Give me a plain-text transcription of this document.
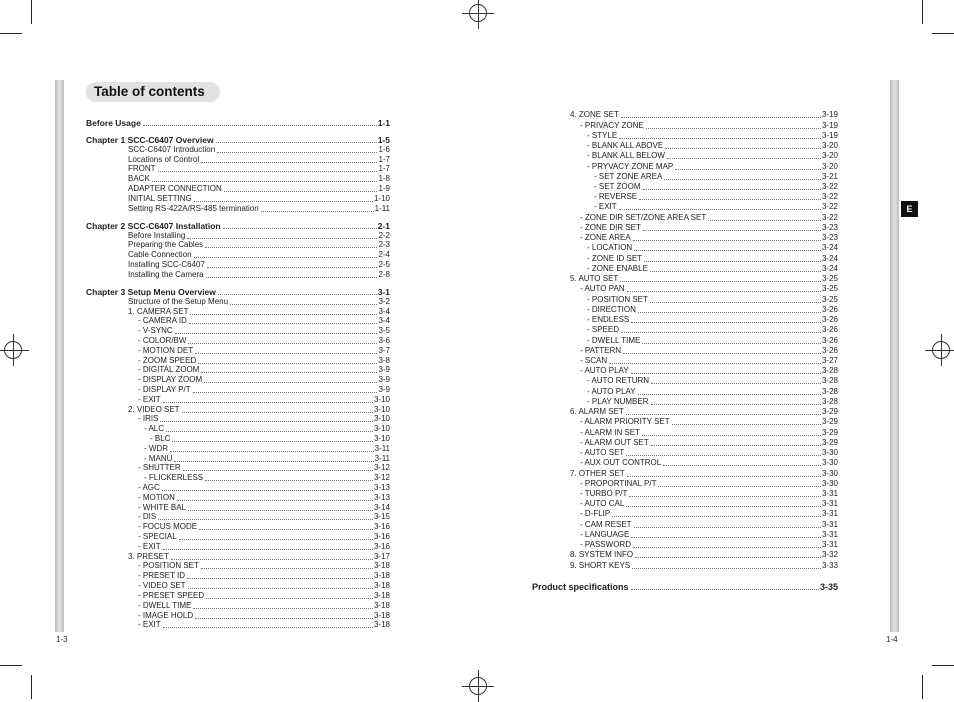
Table of contents
E
Before Usage	1-1
Chapter 1 SCC-C6407 Overview	1-5
SCC-C6407 Introduction	1-6
Locations of Control	1-7
FRONT	1-7
BACK	1-8
ADAPTER CONNECTION	1-9
INITIAL SETTING	1-10
Setting RS-422A/RS-485 termination	1-11
Chapter 2 SCC-C6407 Installation	2-1
Before Installing	2-2
Preparing the Cables	2-3
Cable Connection	2-4
Installing SCC-C6407	2-5
Installing the Camera	2-8
Chapter 3 Setup Menu Overview	3-1
Structure of the Setup Menu	3-2
1. CAMERA SET	3-4
- CAMERA ID	3-4
- V-SYNC	3-5
- COLOR/BW	3-6
- MOTION DET	3-7
- ZOOM SPEED	3-8
- DIGITAL ZOOM	3-9
- DISPLAY ZOOM	3-9
- DISPLAY P/T	3-9
- EXIT	3-10
2. VIDEO SET	3-10
- IRIS	3-10
- ALC	3-10
- BLC	3-10
- WDR	3-11
- MANU	3-11
- SHUTTER	3-12
- FLICKERLESS	3-12
- AGC	3-13
- MOTION	3-13
- WHITE BAL	3-14
- DIS	3-15
- FOCUS MODE	3-16
- SPECIAL	3-16
- EXIT	3-16
3. PRESET	3-17
- POSITION SET	3-18
- PRESET ID	3-18
- VIDEO SET	3-18
- PRESET SPEED	3-18
- DWELL TIME	3-18
- IMAGE HOLD	3-18
- EXIT	3-18
4. ZONE SET	3-19
- PRIVACY ZONE	3-19
- STYLE	3-19
- BLANK ALL ABOVE	3-20
- BLANK ALL BELOW	3-20
- PRYVACY ZONE MAP	3-20
- SET ZONE AREA	3-21
- SET ZOOM	3-22
- REVERSE	3-22
- EXIT	3-22
- ZONE DIR SET/ZONE AREA SET	3-22
- ZONE DIR SET	3-23
- ZONE AREA	3-23
- LOCATION	3-24
- ZONE ID SET	3-24
- ZONE ENABLE	3-24
5. AUTO SET	3-25
- AUTO PAN	3-25
- POSITION SET	3-25
- DIRECTION	3-26
- ENDLESS	3-26
- SPEED	3-26
- DWELL TIME	3-26
- PATTERN	3-26
- SCAN	3-27
- AUTO PLAY	3-28
- AUTO RETURN	3-28
- AUTO PLAY	3-28
- PLAY NUMBER	3-28
6. ALARM SET	3-29
- ALARM PRIORITY SET	3-29
- ALARM IN SET	3-29
- ALARM OUT SET	3-29
- AUTO SET	3-30
- AUX OUT CONTROL	3-30
7. OTHER SET	3-30
- PROPORTINAL P/T	3-30
- TURBO P/T	3-31
- AUTO CAL	3-31
- D-FLIP	3-31
- CAM RESET	3-31
- LANGUAGE	3-31
- PASSWORD	3-31
8. SYSTEM INFO	3-32
9. SHORT KEYS	3-33
Product specifications	3-35
1-3	1-4
